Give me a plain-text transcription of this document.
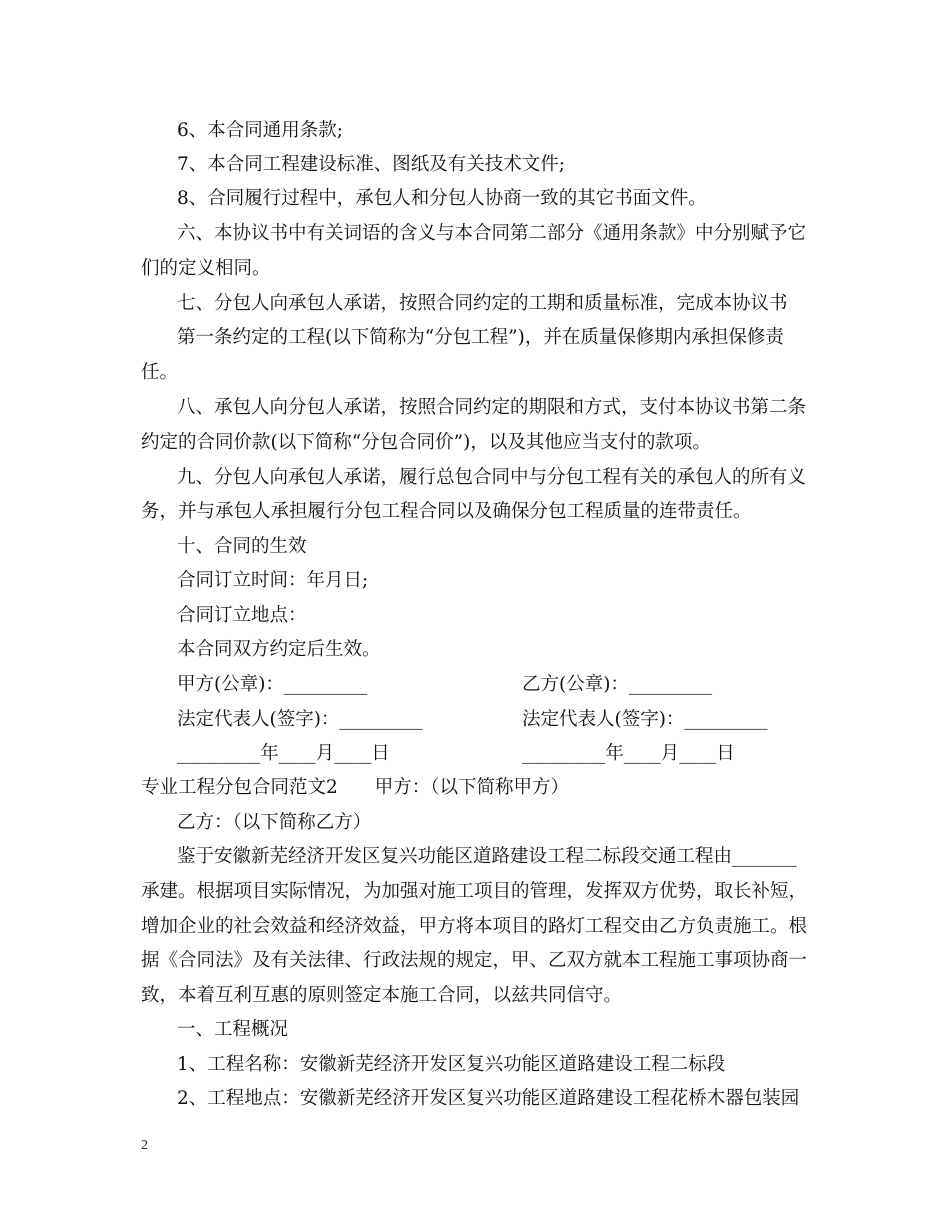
6、本合同通用条款;
7、本合同工程建设标准、图纸及有关技术文件;
8、合同履行过程中，承包人和分包人协商一致的其它书面文件。
六、本协议书中有关词语的含义与本合同第二部分《通用条款》中分别赋予它
们的定义相同。
七、分包人向承包人承诺，按照合同约定的工期和质量标准，完成本协议书
第一条约定的工程(以下简称为“分包工程”)，并在质量保修期内承担保修责
任。
八、承包人向分包人承诺，按照合同约定的期限和方式，支付本协议书第二条
约定的合同价款(以下简称“分包合同价”)，以及其他应当支付的款项。
九、分包人向承包人承诺，履行总包合同中与分包工程有关的承包人的所有义
务，并与承包人承担履行分包工程合同以及确保分包工程质量的连带责任。
十、合同的生效
合同订立时间：年月日;
合同订立地点：
本合同双方约定后生效。
甲方(公章)：_________	乙方(公章)：_________
法定代表人(签字)：_________	法定代表人(签字)：_________
_________年____月____日	_________年____月____日
专业工程分包合同范文2　　甲方：（以下简称甲方）
乙方：（以下简称乙方）
鉴于安徽新芜经济开发区复兴功能区道路建设工程二标段交通工程由_______
承建。根据项目实际情况，为加强对施工项目的管理，发挥双方优势，取长补短，
增加企业的社会效益和经济效益，甲方将本项目的路灯工程交由乙方负责施工。根
据《合同法》及有关法律、行政法规的规定，甲、乙双方就本工程施工事项协商一
致，本着互利互惠的原则签定本施工合同，以兹共同信守。
一、工程概况
1、工程名称：安徽新芜经济开发区复兴功能区道路建设工程二标段
2、工程地点：安徽新芜经济开发区复兴功能区道路建设工程花桥木器包装园
2
